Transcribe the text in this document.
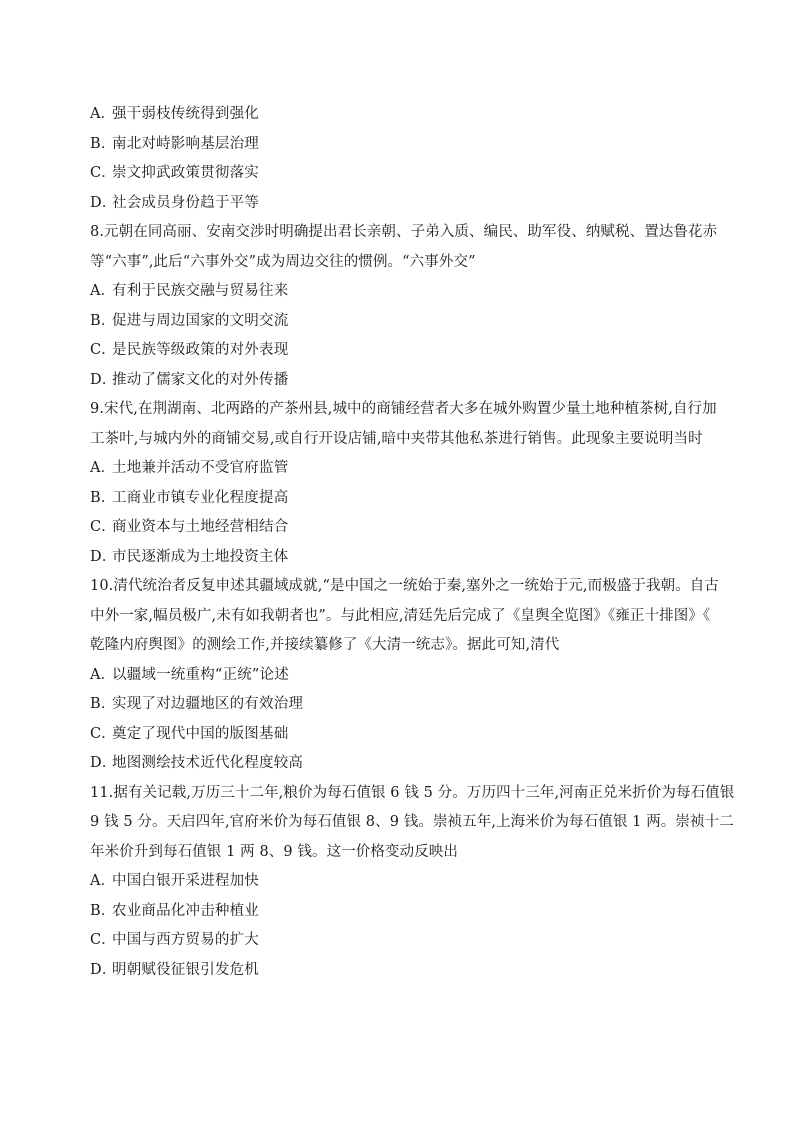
A．强干弱枝传统得到强化
B．南北对峙影响基层治理
C．崇文抑武政策贯彻落实
D．社会成员身份趋于平等
8.元朝在同高丽、安南交涉时明确提出君长亲朝、子弟入质、编民、助军役、纳赋税、置达鲁花赤
等“六事”,此后“六事外交”成为周边交往的惯例。“六事外交”
A．有利于民族交融与贸易往来
B．促进与周边国家的文明交流
C．是民族等级政策的对外表现
D．推动了儒家文化的对外传播
9.宋代,在荆湖南、北两路的产茶州县,城中的商铺经营者大多在城外购置少量土地种植茶树,自行加
工茶叶,与城内外的商铺交易,或自行开设店铺,暗中夹带其他私茶进行销售。此现象主要说明当时
A．土地兼并活动不受官府监管
B．工商业市镇专业化程度提高
C．商业资本与土地经营相结合
D．市民逐渐成为土地投资主体
10.清代统治者反复申述其疆域成就,“是中国之一统始于秦,塞外之一统始于元,而极盛于我朝。自古
中外一家,幅员极广,未有如我朝者也”。与此相应,清廷先后完成了《皇舆全览图》《雍正十排图》《
乾隆内府舆图》的测绘工作,并接续纂修了《大清一统志》。据此可知,清代
A．以疆域一统重构“正统”论述
B．实现了对边疆地区的有效治理
C．奠定了现代中国的版图基础
D．地图测绘技术近代化程度较高
11.据有关记载,万历三十二年,粮价为每石值银 6 钱 5 分。万历四十三年,河南正兑米折价为每石值银
9 钱 5 分。天启四年,官府米价为每石值银 8、9 钱。崇祯五年,上海米价为每石值银 1 两。崇祯十二
年米价升到每石值银 1 两 8、9 钱。这一价格变动反映出
A．中国白银开采进程加快
B．农业商品化冲击种植业
C．中国与西方贸易的扩大
D．明朝赋役征银引发危机
